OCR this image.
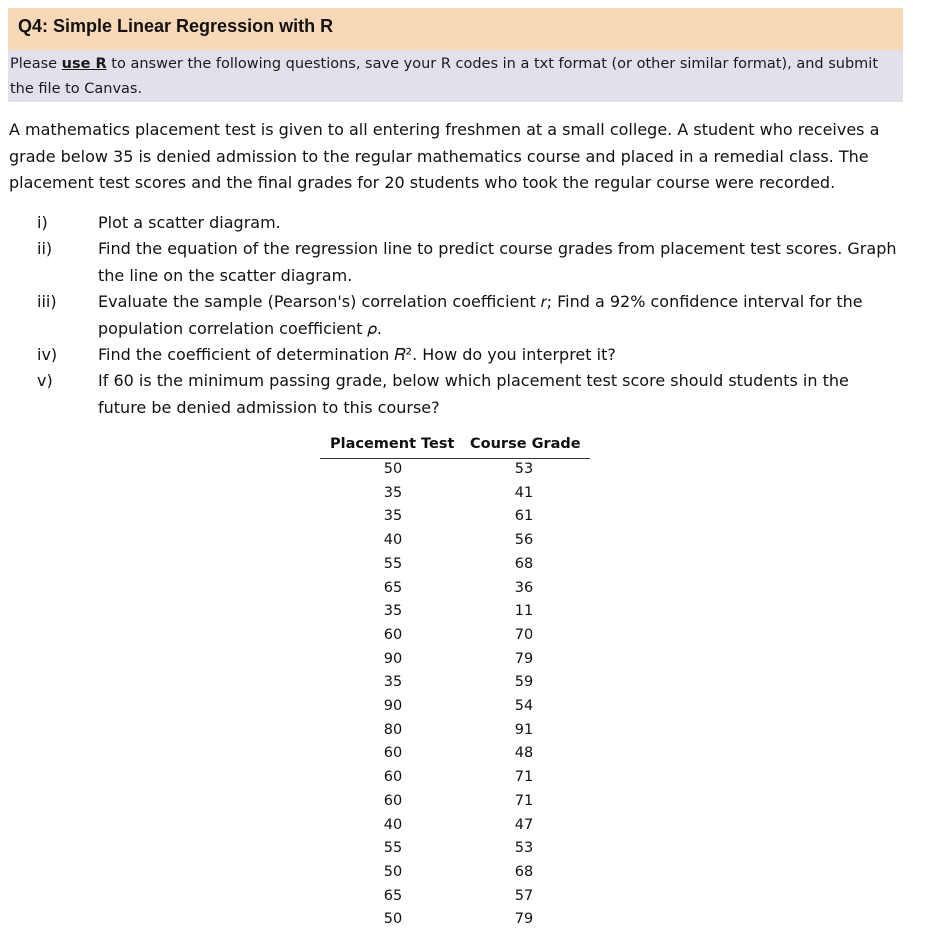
Q4: Simple Linear Regression with R
Please use R to answer the following questions, save your R codes in a txt format (or other similar format), and submit
the file to Canvas.
A mathematics placement test is given to all entering freshmen at a small college. A student who receives a
grade below 35 is denied admission to the regular mathematics course and placed in a remedial class. The
placement test scores and the final grades for 20 students who took the regular course were recorded.
i)	Plot a scatter diagram.
ii)	Find the equation of the regression line to predict course grades from placement test scores. Graph
the line on the scatter diagram.
iii)	Evaluate the sample (Pearson's) correlation coefficient 𝑟; Find a 92% confidence interval for the
population correlation coefficient 𝜌.
iv)	Find the coefficient of determination 𝑅². How do you interpret it?
v)	If 60 is the minimum passing grade, below which placement test score should students in the
future be denied admission to this course?
Placement Test Course Grade
50	53
35	41
35	61
40	56
55	68
65	36
35	11
60	70
90	79
35	59
90	54
80	91
60	48
60	71
60	71
40	47
55	53
50	68
65	57
50	79
